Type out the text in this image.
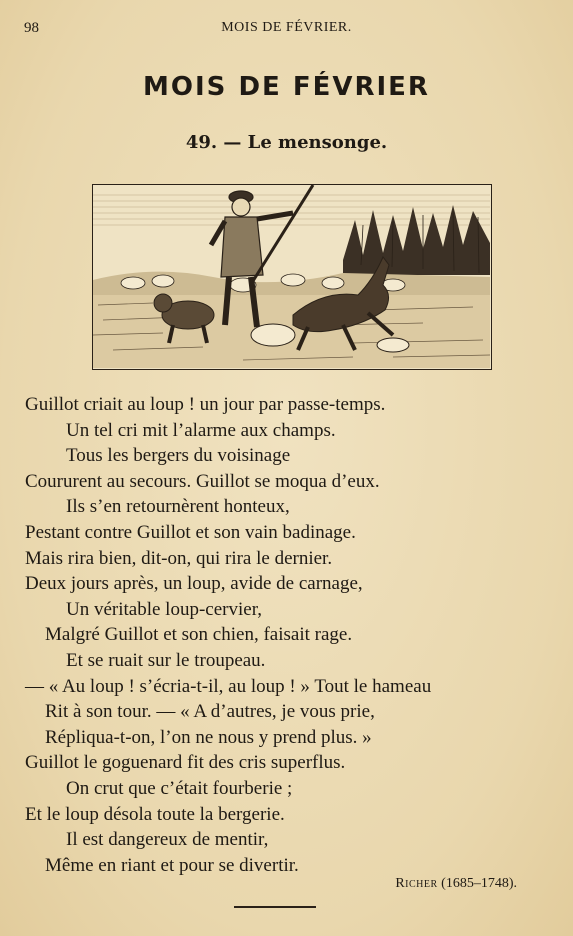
98	MOIS DE FÉVRIER.
MOIS DE FÉVRIER
49. — Le mensonge.
Guillot criait au loup ! un jour par passe-temps.
Un tel cri mit l’alarme aux champs.
Tous les bergers du voisinage
Coururent au secours. Guillot se moqua d’eux.
Ils s’en retournèrent honteux,
Pestant contre Guillot et son vain badinage.
Mais rira bien, dit-on, qui rira le dernier.
Deux jours après, un loup, avide de carnage,
Un véritable loup-cervier,
Malgré Guillot et son chien, faisait rage.
Et se ruait sur le troupeau.
— « Au loup ! s’écria-t-il, au loup ! » Tout le hameau
Rit à son tour. — « A d’autres, je vous prie,
Répliqua-t-on, l’on ne nous y prend plus. »
Guillot le goguenard fit des cris superflus.
On crut que c’était fourberie ;
Et le loup désola toute la bergerie.
Il est dangereux de mentir,
Même en riant et pour se divertir.
Richer (1685–1748).
